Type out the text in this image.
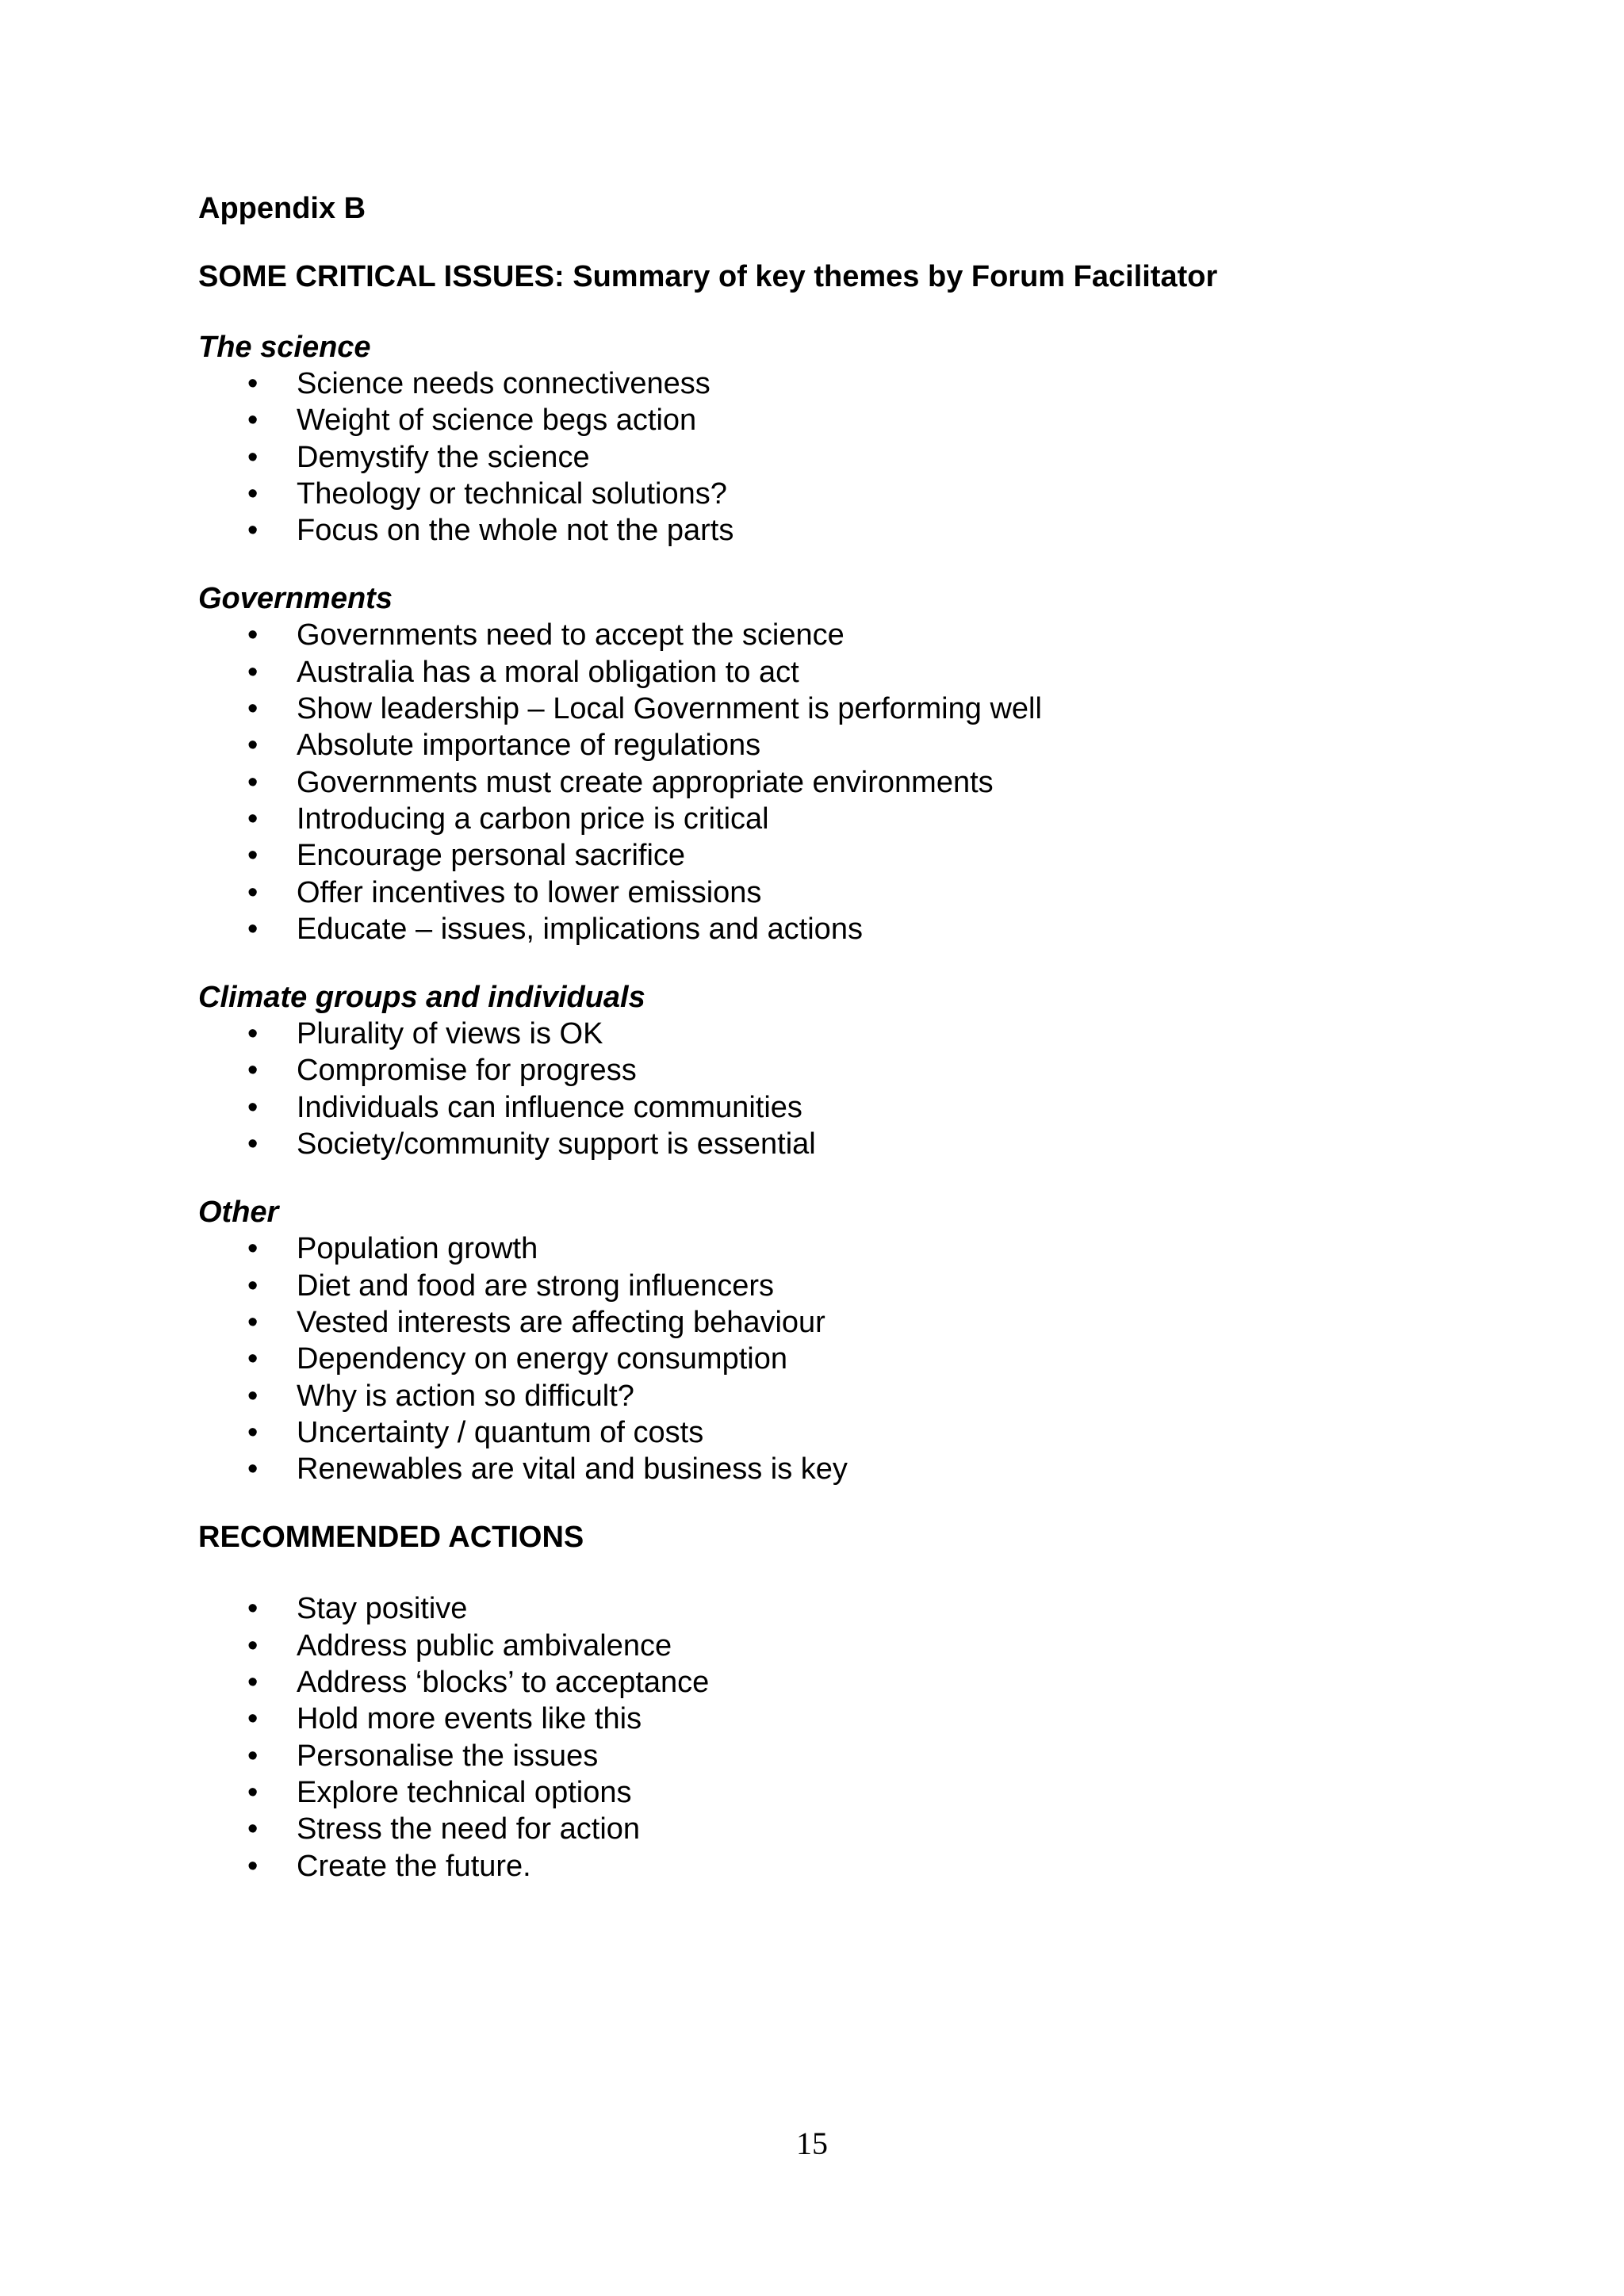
Appendix B
SOME CRITICAL ISSUES: Summary of key themes by Forum Facilitator
The science
• Science needs connectiveness
• Weight of science begs action
• Demystify the science
• Theology or technical solutions?
• Focus on the whole not the parts
Governments
• Governments need to accept the science
• Australia has a moral obligation to act
• Show leadership – Local Government is performing well
• Absolute importance of regulations
• Governments must create appropriate environments
• Introducing a carbon price is critical
• Encourage personal sacrifice
• Offer incentives to lower emissions
• Educate – issues, implications and actions
Climate groups and individuals
• Plurality of views is OK
• Compromise for progress
• Individuals can influence communities
• Society/community support is essential
Other
• Population growth
• Diet and food are strong influencers
• Vested interests are affecting behaviour
• Dependency on energy consumption
• Why is action so difficult?
• Uncertainty / quantum of costs
• Renewables are vital and business is key
RECOMMENDED ACTIONS
• Stay positive
• Address public ambivalence
• Address ‘blocks’ to acceptance
• Hold more events like this
• Personalise the issues
• Explore technical options
• Stress the need for action
• Create the future.
15
